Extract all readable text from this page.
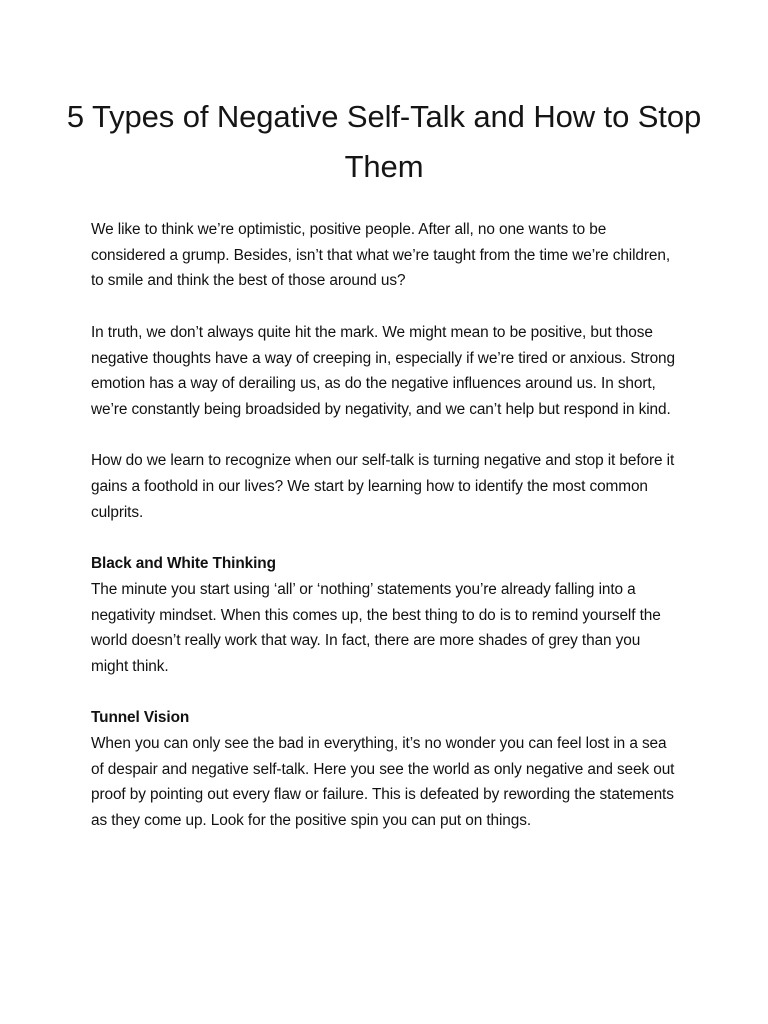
5 Types of Negative Self-Talk and How to Stop Them

We like to think we’re optimistic, positive people. After all, no one wants to be considered a grump. Besides, isn’t that what we’re taught from the time we’re children, to smile and think the best of those around us?

In truth, we don’t always quite hit the mark. We might mean to be positive, but those negative thoughts have a way of creeping in, especially if we’re tired or anxious. Strong emotion has a way of derailing us, as do the negative influences around us. In short, we’re constantly being broadsided by negativity, and we can’t help but respond in kind.

How do we learn to recognize when our self-talk is turning negative and stop it before it gains a foothold in our lives? We start by learning how to identify the most common culprits.

Black and White Thinking
The minute you start using ‘all’ or ‘nothing’ statements you’re already falling into a negativity mindset. When this comes up, the best thing to do is to remind yourself the world doesn’t really work that way. In fact, there are more shades of grey than you might think.
Tunnel Vision
When you can only see the bad in everything, it’s no wonder you can feel lost in a sea of despair and negative self-talk. Here you see the world as only negative and seek out proof by pointing out every flaw or failure. This is defeated by rewording the statements as they come up. Look for the positive spin you can put on things.
